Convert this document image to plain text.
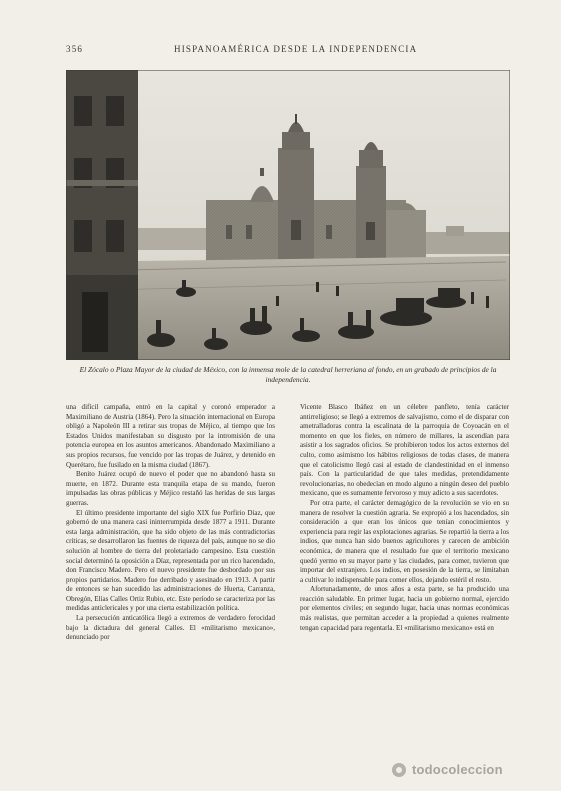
356	HISPANOAMÉRICA DESDE LA INDEPENDENCIA
El Zócalo o Plaza Mayor de la ciudad de México, con la inmensa mole de la catedral herreriana al fondo, en un grabado de principios de la independencia.

una difícil campaña, entró en la capital y coronó emperador a Maximiliano de Austria (1864). Pero la situación internacional en Europa obligó a Napoleón III a retirar sus tropas de Méjico, al tiempo que los Estados Unidos manifestaban su disgusto por la intromisión de una potencia europea en los asuntos americanos. Abandonado Maximiliano a sus propios recursos, fue vencido por las tropas de Juárez, y detenido en Querétaro, fue fusilado en la misma ciudad (1867).

Benito Juárez ocupó de nuevo el poder que no abandonó hasta su muerte, en 1872. Durante esta tranquila etapa de su mando, fueron impulsadas las obras públicas y Méjico restañó las heridas de sus largas guerras.

El último presidente importante del siglo XIX fue Porfirio Díaz, que gobernó de una manera casi ininterrumpida desde 1877 a 1911. Durante esta larga administración, que ha sido objeto de las más contradictorias críticas, se desarrollaron las fuentes de riqueza del país, aunque no se dio solución al hombre de tierra del proletariado campesino. Esta cuestión social determinó la oposición a Díaz, representada por un rico hacendado, don Francisco Madero. Pero el nuevo presidente fue desbordado por sus propios partidarios. Madero fue derribado y asesinado en 1913. A partir de entonces se han sucedido las administraciones de Huerta, Carranza, Obregón, Elías Calles Ortiz Rubio, etc. Este período se caracteriza por las medidas anticlericales y por una cierta estabilización política.

La persecución anticatólica llegó a extremos de verdadero ferocidad bajo la dictadura del general Calles. El «militarismo mexicano», denunciado por

Vicente Blasco Ibáñez en un célebre panfleto, tenía carácter antirreligioso; se llegó a extremos de salvajismo, como el de disparar con ametralladoras contra la escalinata de la parroquia de Coyoacán en el momento en que los fieles, en número de millares, la ascendían para asistir a los sagrados oficios. Se prohibieron todos los actos externos del culto, como asimismo los hábitos religiosos de todas clases, de manera que el catolicismo llegó casi al estado de clandestinidad en el inmenso país. Con la particularidad de que tales medidas, pretendidamente revolucionarias, no obedecían en modo alguno a ningún deseo del pueblo mexicano, que es sumamente fervoroso y muy adicto a sus sacerdotes.

Por otra parte, el carácter demagógico de la revolución se vio en su manera de resolver la cuestión agraria. Se expropió a los hacendados, sin consideración a que eran los únicos que tenían conocimientos y experiencia para regir las explotaciones agrarias. Se repartió la tierra a los indios, que nunca han sido buenos agricultores y carecen de ambición económica, de manera que el resultado fue que el territorio mexicano quedó yermo en su mayor parte y las ciudades, para comer, tuvieron que importar del extranjero. Los indios, en posesión de la tierra, se limitaban a cultivar lo indispensable para comer ellos, dejando estéril el resto.

Afortunadamente, de unos años a esta parte, se ha producido una reacción saludable. En primer lugar, hacia un gobierno normal, ejercido por elementos civiles; en segundo lugar, hacia unas normas económicas más realistas, que permitan acceder a la propiedad a quienes realmente tengan capacidad para regentarla. El «militarismo mexicano» está en

todocoleccion
